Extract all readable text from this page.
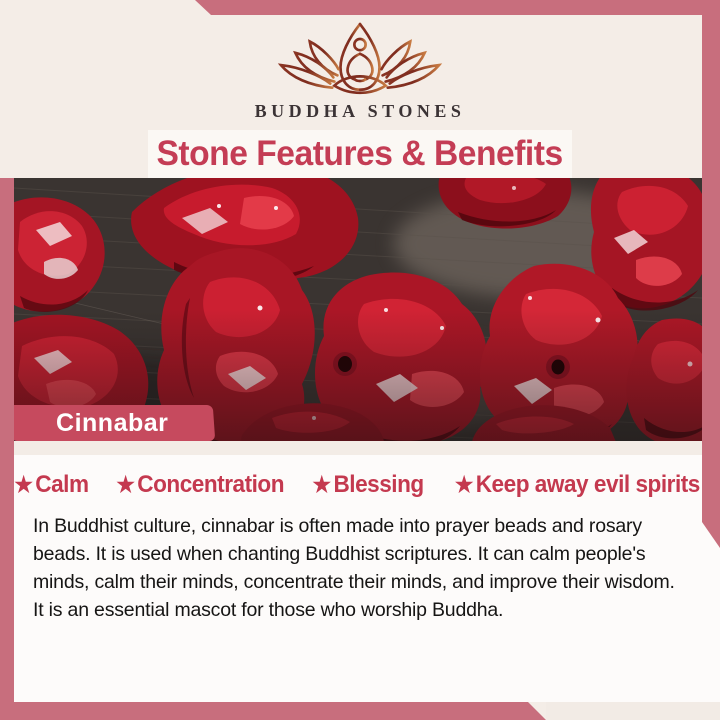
BUDDHA STONES
Stone Features & Benefits
Cinnabar
★ Calm ★ Concentration ★ Blessing ★ Keep away evil spirits

In Buddhist culture, cinnabar is often made into prayer beads and rosary beads. It is used when chanting Buddhist scriptures. It can calm people's minds, calm their minds, concentrate their minds, and improve their wisdom. It is an essential mascot for those who worship Buddha.
